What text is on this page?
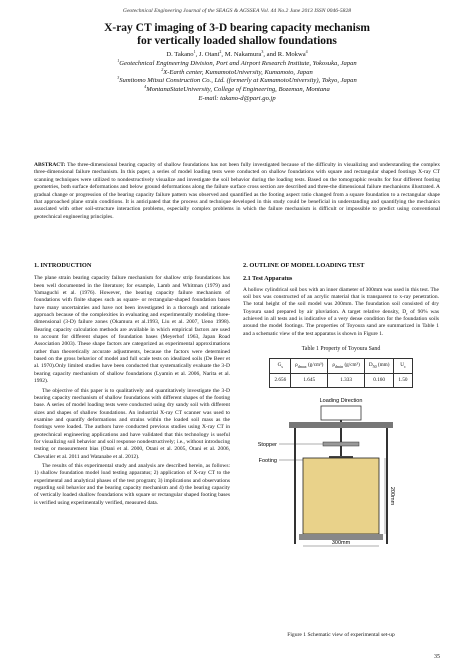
Geotechnical Engineering Journal of the SEAGS & AGSSEA Vol. 44 No.2 June 2013 ISSN 0046-5828
X-ray CT imaging of 3-D bearing capacity mechanism
for vertically loaded shallow foundations
D. Takano$^1$, J. Otani$^2$, M. Nakamura$^3$, and R. Mokwa$^4$
$^1$Geotechnical Engineering Division, Port and Airport Research Institute, Yokosuka, Japan
$^2$X-Earth center, KumamotoUniversity, Kumamoto, Japan
$^3$Sumitomo Mitsui Construction Co., Ltd. (formerly at KumamotoUniversity), Tokyo, Japan
$^4$MontanaStateUniversity, College of Engineering, Bozeman, Montana
E-mail: takano-d@pari.go.jp
ABSTRACT: The three-dimensional bearing capacity of shallow foundations has not been fully investigated because of the difficulty in visualizing and understanding the complex three-dimensional failure mechanism. In this paper, a series of model loading tests were conducted on shallow foundations with square and rectangular shaped footings X-ray CT scanning techniques were utilized to nondestructively visualize and investigate the soil behavior during the loading tests. Based on the tomographic results for four different footing geometries, both surface deformations and below ground deformations along the failure surface cross section are described and three-the dimensional failure mechanisms illustrated. A gradual change or progression of the bearing capacity failure pattern was observed and quantified as the footing aspect ratio changed from a square foundation to a rectangular shape that approached plane strain conditions. It is anticipated that the process and technique developed in this study could be beneficial in understanding and quantifying the mechanics associated with other soil-structure interaction problems, especially complex problems in which the failure mechanism is difficult or impossible to predict using conventional geotechnical engineering principles.
1. INTRODUCTION

The plane strain bearing capacity failure mechanism for shallow strip foundations has been well documented in the literature; for example, Lamb and Whitman (1979) and Yamaguchi et al. (1976). However, the bearing capacity failure mechanism of foundations with finite shapes such as square- or rectangular-shaped foundation bases have many uncertainties and have not been investigated in a thorough and rationale approach because of the complexities in evaluating and experimentally modeling three-dimensional (3-D) failure zones (Okamura et al.1993, Liu et al. 2007, Ueno 1998). Bearing capacity calculation methods are available in which empirical factors are used to account for different shapes of foundation bases (Meyerhof 1963, Japan Road Association 2003). These shape factors are categorized as experimental approximations rather than theoretically accurate adjustments, because the factors were determined based on the gross behavior of model and full scale tests on idealized soils (De Beer et al. 1970).Only limited studies have been conducted that systematically evaluate the 3-D bearing capacity mechanism of shallow foundations (Lyamin et al. 2006, Narita et al. 1992).

The objective of this paper is to qualitatively and quantitatively investigate the 3-D bearing capacity mechanism of shallow foundations with different shapes of the footing base. A series of model loading tests were conducted using dry sandy soil with different sizes and shapes of shallow foundations. An industrial X-ray CT scanner was used to examine and quantify deformations and strains within the loaded soil mass as the footings were loaded. The authors have conducted previous studies using X-ray CT in geotechnical engineering applications and have validated that this technology is useful for visualizing soil behavior and soil response nondestructively; i.e., without introducing testing or measurement bias (Otani et al. 2000, Otani et al. 2005, Otani et al. 2006, Chevalier et al. 2011 and Watanabe et al. 2012).

The results of this experimental study and analysis are described herein, as follows: 1) shallow foundation model load testing apparatus; 2) application of X-ray CT to the experimental and analytical phases of the test program; 3) implications and observations regarding soil behavior and the bearing capacity mechanism and 4) the bearing capacity of vertically loaded shallow foundations with square or rectangular shaped footing bases is verified using experimentally verified, measured data.

2. OUTLINE OF MODEL LOADING TEST
2.1 Test Apparatus

A hollow cylindrical soil box with an inner diameter of 300mm was used in this test. The soil box was constructed of an acrylic material that is transparent to x-ray penetration. The total height of the soil model was 200mm. The foundation soil consisted of dry Toyoura sand prepared by air pluviation. A target relative density, $D_r$ of 90% was achieved in all tests and is indicative of a very dense condition for the foundation soils around the model footings. The properties of Toyoura sand are summarized in Table 1 and a schematic view of the test apparatus is shown in Figure 1.

Table 1 Property of Toyoura Sand
$G_s$	$\rho_{dmax}$ (g/cm³)	$\rho_{dmin}$ (g/cm³)	$D_{50}$ (mm)	$U_c$
2.656	1.645	1.333	0.160	1.50
Loading Direction
Stopper
Footing
200mm
300mm
Figure 1 Schematic view of experimental set-up
35
